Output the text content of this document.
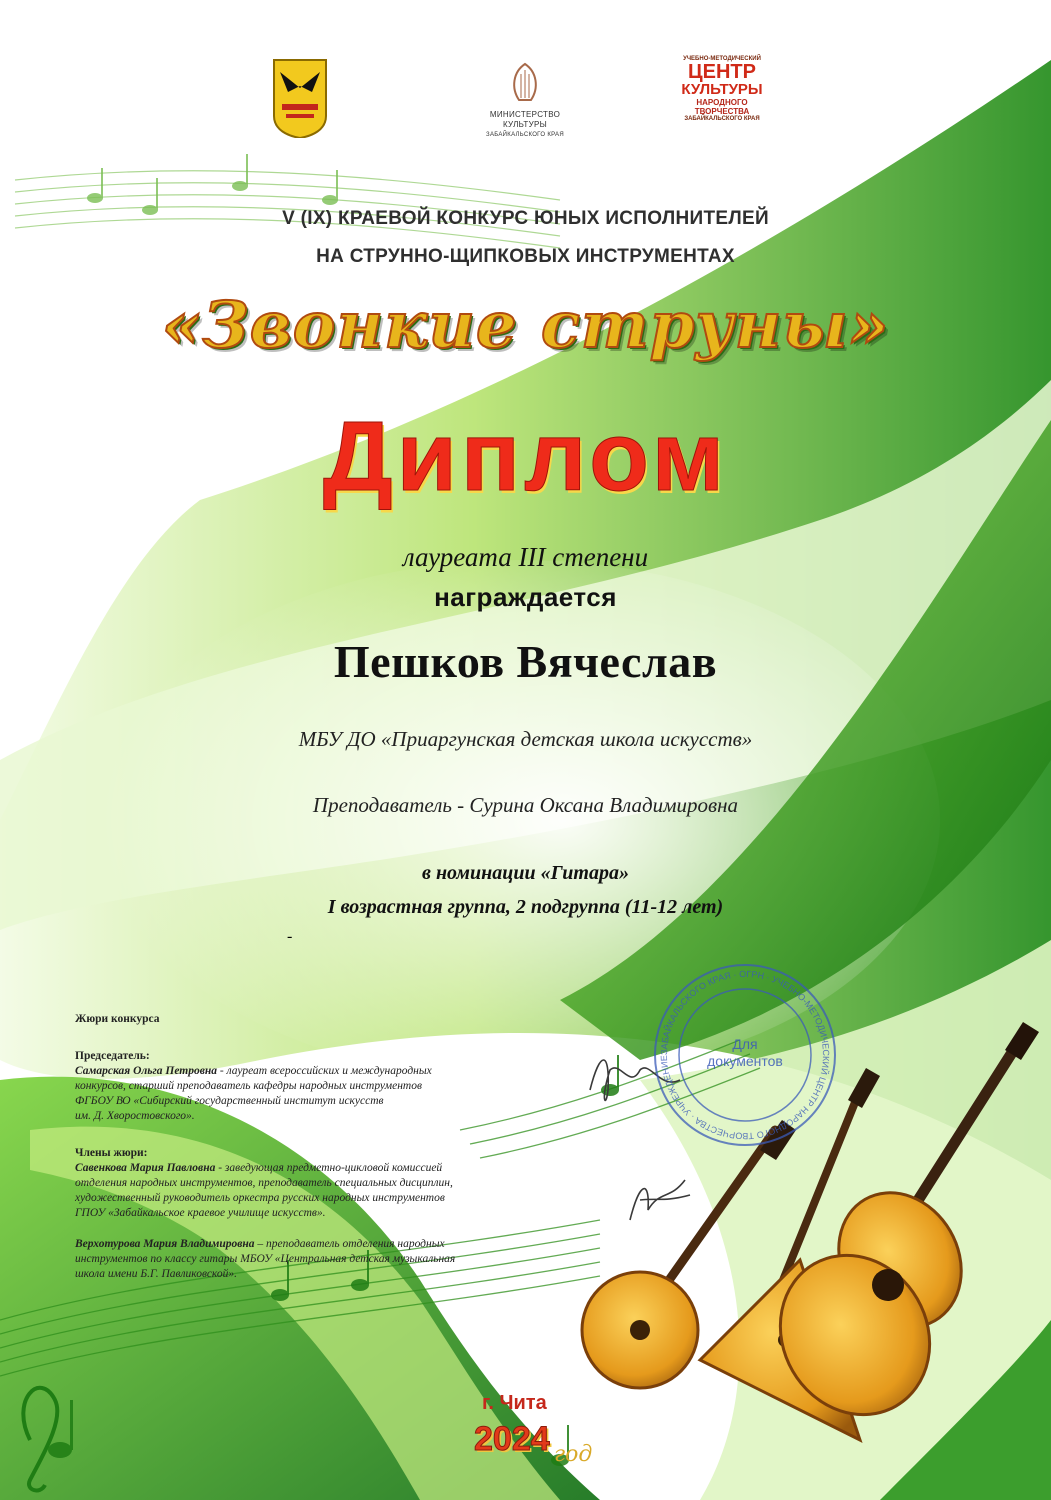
МИНИСТЕРСТВО
КУЛЬТУРЫ
ЗАБАЙКАЛЬСКОГО КРАЯ
УЧЕБНО-МЕТОДИЧЕСКИЙ
ЦЕНТР
КУЛЬТУРЫ
НАРОДНОГО
ТВОРЧЕСТВА
ЗАБАЙКАЛЬСКОГО КРАЯ
V (IX) КРАЕВОЙ КОНКУРС ЮНЫХ ИСПОЛНИТЕЛЕЙ
НА СТРУННО-ЩИПКОВЫХ ИНСТРУМЕНТАХ
«Звонкие струны»
Диплом
лауреата III степени
награждается
Пешков Вячеслав
МБУ ДО «Приаргунская детская школа искусств»
Преподаватель - Сурина Оксана Владимировна
в номинации «Гитара»
I возрастная группа, 2 подгруппа (11-12 лет)
-
Жюри конкурса
Председатель:
Самарская Ольга Петровна - лауреат всероссийских и международных
конкурсов, старший преподаватель кафедры народных инструментов
ФГБОУ ВО «Сибирский государственный институт искусств
им. Д. Хворостовского».
Члены жюри:
Савенкова Мария Павловна - заведующая предметно-цикловой комиссией
отделения народных инструментов, преподаватель специальных дисциплин,
художественный руководитель оркестра русских народных инструментов
ГПОУ «Забайкальское краевое училище искусств».
Верхотурова Мария Владимировна – преподаватель отделения народных
инструментов по классу гитары МБОУ «Центральная детская музыкальная
школа имени Б.Г. Павликовской».
ЗАБАЙКАЛЬСКОГО КРАЯ · ОГРН · УЧЕБНО-МЕТОДИЧЕСКИЙ ЦЕНТР НАРОДНОГО ТВОРЧЕСТВА · УЧРЕЖДЕНИЕ
Для
документов
г. Чита
2024 год
